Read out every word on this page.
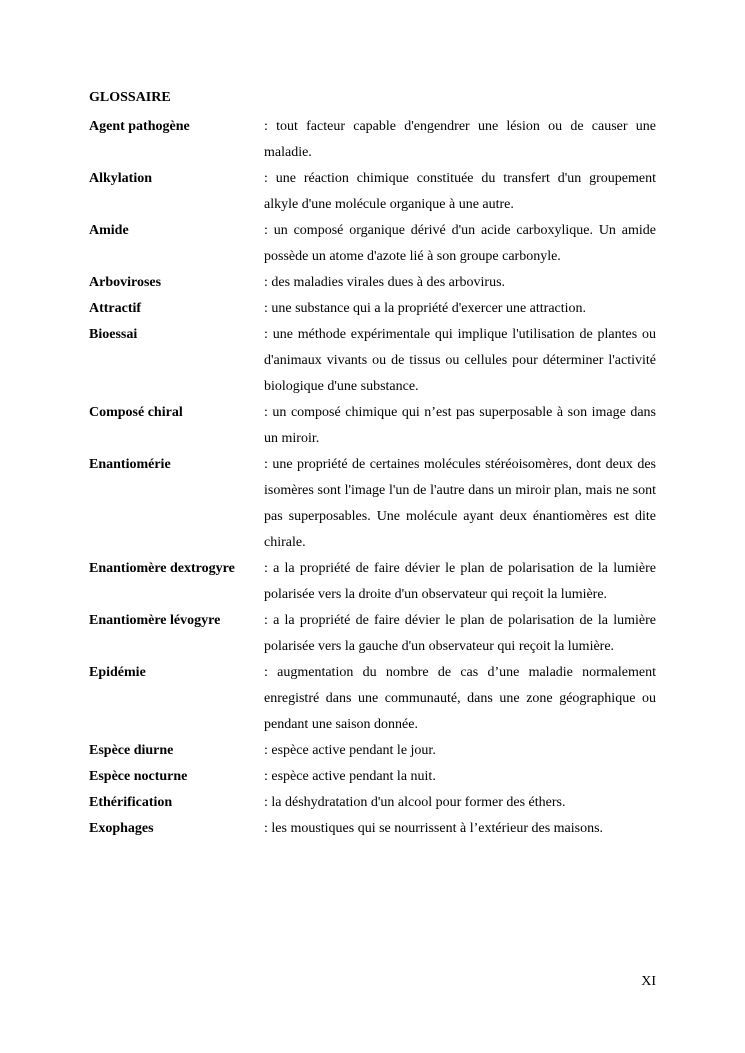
GLOSSAIRE
Agent pathogène	: tout facteur capable d'engendrer une lésion ou de causer une maladie.
Alkylation	: une réaction chimique constituée du transfert d'un groupement alkyle d'une molécule organique à une autre.
Amide	: un composé organique dérivé d'un acide carboxylique. Un amide possède un atome d'azote lié à son groupe carbonyle.
Arboviroses	: des maladies virales dues à des arbovirus.
Attractif	: une substance qui a la propriété d'exercer une attraction.
Bioessai	: une méthode expérimentale qui implique l'utilisation de plantes ou d'animaux vivants ou de tissus ou cellules pour déterminer l'activité biologique d'une substance.
Composé chiral	: un composé chimique qui n’est pas superposable à son image dans un miroir.
Enantiomérie	: une propriété de certaines molécules stéréoisomères, dont deux des isomères sont l'image l'un de l'autre dans un miroir plan, mais ne sont pas superposables. Une molécule ayant deux énantiomères est dite chirale.
Enantiomère dextrogyre	: a la propriété de faire dévier le plan de polarisation de la lumière polarisée vers la droite d'un observateur qui reçoit la lumière.
Enantiomère lévogyre	: a la propriété de faire dévier le plan de polarisation de la lumière polarisée vers la gauche d'un observateur qui reçoit la lumière.
Epidémie	: augmentation du nombre de cas d’une maladie normalement enregistré dans une communauté, dans une zone géographique ou pendant une saison donnée.
Espèce diurne	: espèce active pendant le jour.
Espèce nocturne	: espèce active pendant la nuit.
Ethérification	: la déshydratation d'un alcool pour former des éthers.
Exophages	: les moustiques qui se nourrissent à l’extérieur des maisons.
XI
